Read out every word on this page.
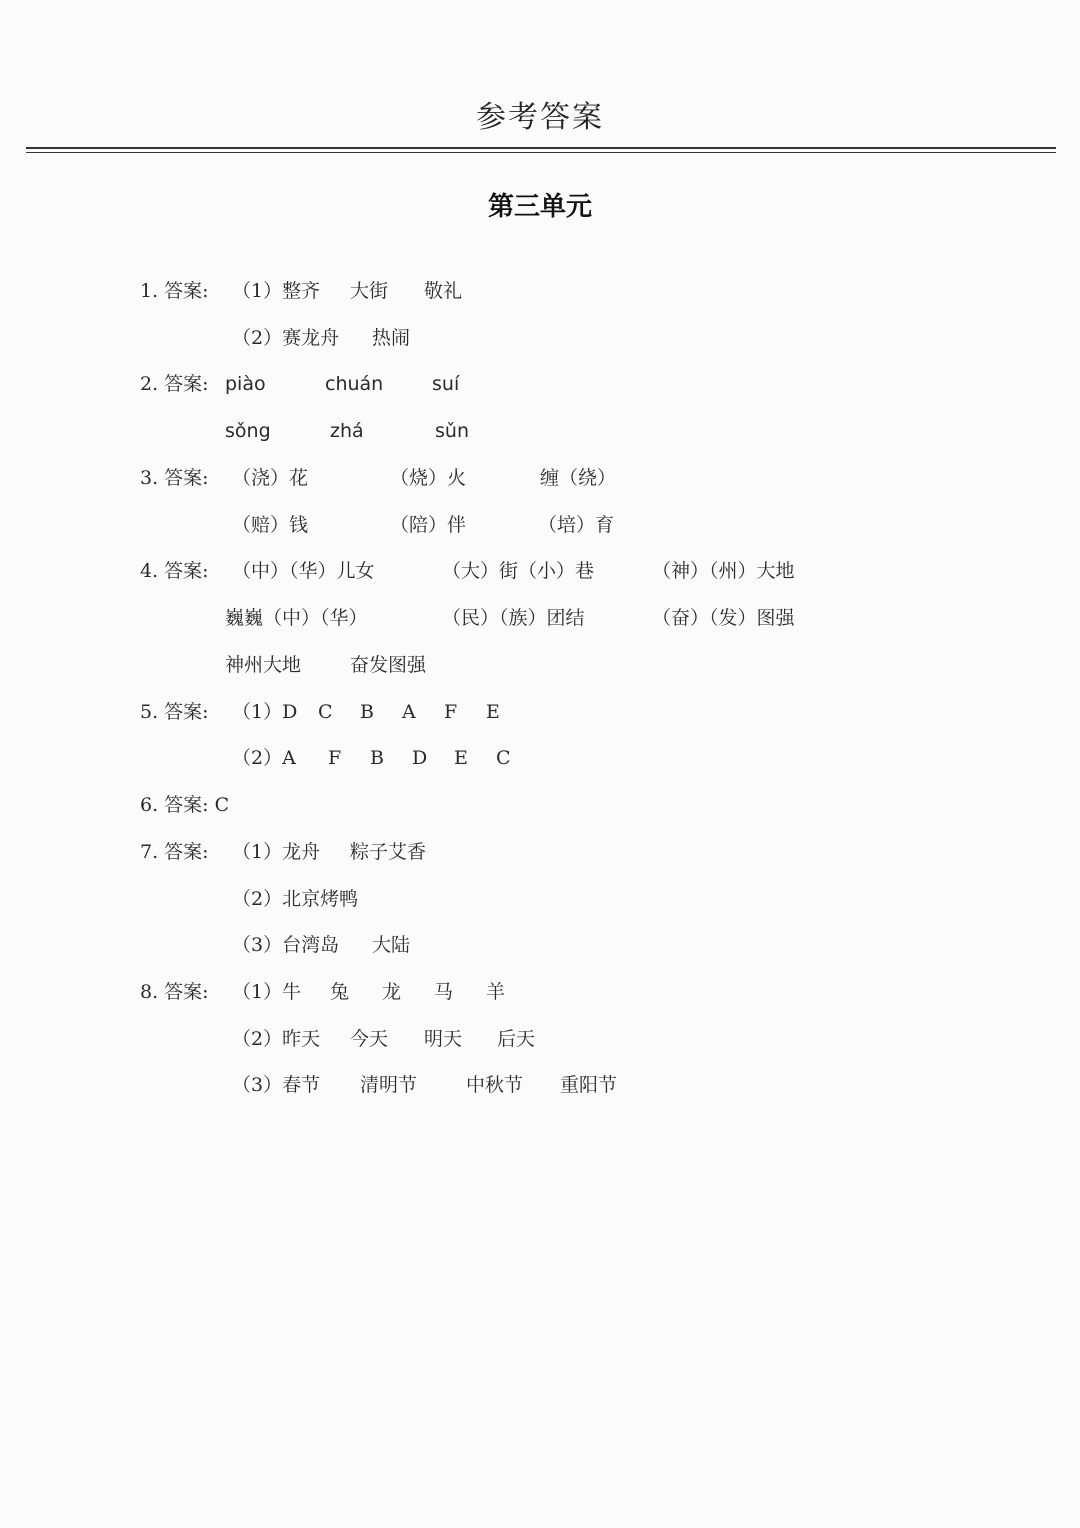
参考答案
第三单元
1. 答案: （1）整齐 大街 敬礼
（2）赛龙舟 热闹
2. 答案: piào	chuán	suí
sǒng	zhá	sǔn
3. 答案: （浇）花	（烧）火	缠（绕）
（赔）钱	（陪）伴	（培）育
4. 答案: （中）（华）儿女	（大）街（小）巷	（神）（州）大地
巍巍（中）（华）	（民）（族）团结	（奋）（发）图强
神州大地	奋发图强
5. 答案: （1）D C B A F E
（2）A F B D E C
6. 答案: C
7. 答案: （1）龙舟 粽子艾香
（2）北京烤鸭
（3）台湾岛 大陆
8. 答案: （1）牛 兔 龙 马 羊
（2）昨天 今天 明天 后天
（3）春节 清明节	中秋节 重阳节
